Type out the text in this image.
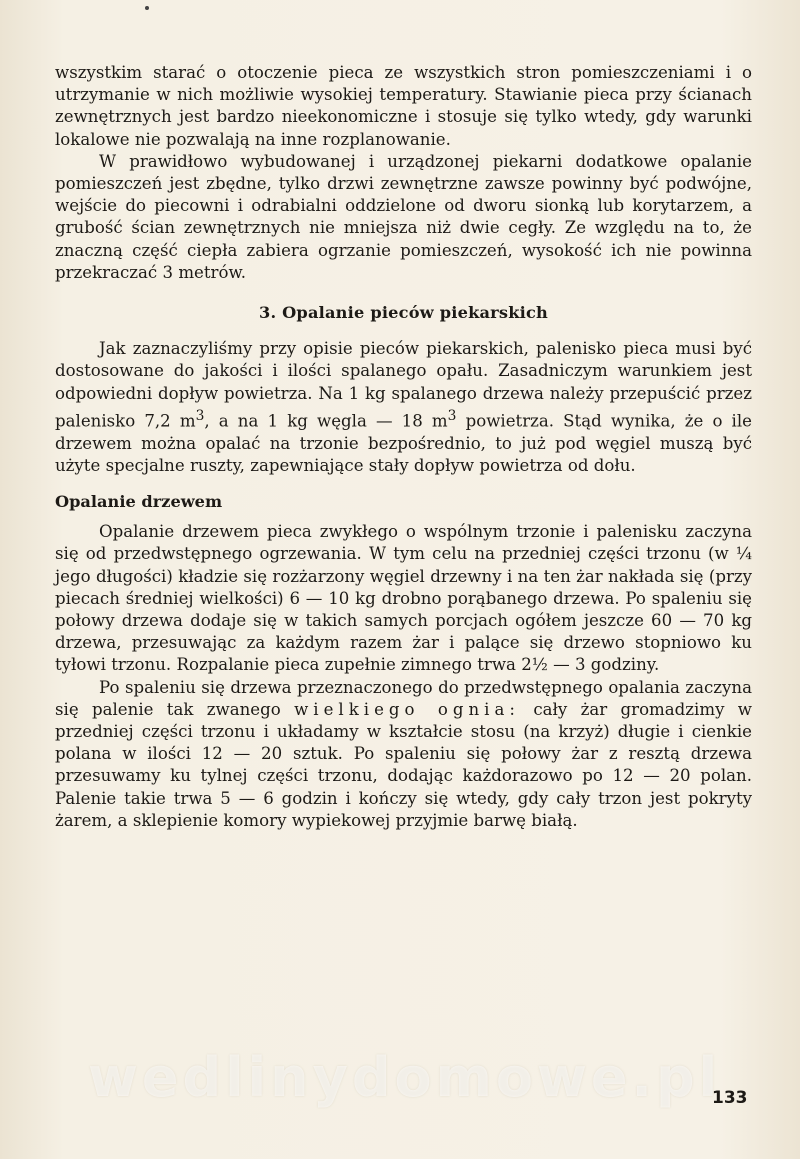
wszystkim starać o otoczenie pieca ze wszystkich stron pomieszczeniami i o utrzymanie w nich możliwie wysokiej temperatury. Stawianie pieca przy ścianach zewnętrznych jest bardzo nieekonomiczne i stosuje się tylko wtedy, gdy warunki lokalowe nie pozwalają na inne rozplanowanie.

W prawidłowo wybudowanej i urządzonej piekarni dodatkowe opalanie pomieszczeń jest zbędne, tylko drzwi zewnętrzne zawsze powinny być podwójne, wejście do piecowni i odrabialni oddzielone od dworu sionką lub korytarzem, a grubość ścian zewnętrznych nie mniejsza niż dwie cegły. Ze względu na to, że znaczną część ciepła zabiera ogrzanie pomieszczeń, wysokość ich nie powinna przekraczać 3 metrów.

3. Opalanie pieców piekarskich

Jak zaznaczyliśmy przy opisie pieców piekarskich, palenisko pieca musi być dostosowane do jakości i ilości spalanego opału. Zasadniczym warunkiem jest odpowiedni dopływ powietrza. Na 1 kg spalanego drzewa należy przepuścić przez palenisko 7,2 $m^3$, a na 1 kg węgla — 18 $m^3$ powietrza. Stąd wynika, że o ile drzewem można opalać na trzonie bezpośrednio, to już pod węgiel muszą być użyte specjalne ruszty, zapewniające stały dopływ powietrza od dołu.

Opalanie drzewem

Opalanie drzewem pieca zwykłego o wspólnym trzonie i palenisku zaczyna się od przedwstępnego ogrzewania. W tym celu na przedniej części trzonu (w ¼ jego długości) kładzie się rozżarzony węgiel drzewny i na ten żar nakłada się (przy piecach średniej wielkości) 6 — 10 kg drobno porąbanego drzewa. Po spaleniu się połowy drzewa dodaje się w takich samych porcjach ogółem jeszcze 60 — 70 kg drzewa, przesuwając za każdym razem żar i palące się drzewo stopniowo ku tyłowi trzonu. Rozpalanie pieca zupełnie zimnego trwa 2½ — 3 godziny.

Po spaleniu się drzewa przeznaczonego do przedwstępnego opalania zaczyna się palenie tak zwanego wielkiego ognia: cały żar gromadzimy w przedniej części trzonu i układamy w kształcie stosu (na krzyż) długie i cienkie polana w ilości 12 — 20 sztuk. Po spaleniu się połowy żar z resztą drzewa przesuwamy ku tylnej części trzonu, dodając każdorazowo po 12 — 20 polan. Palenie takie trwa 5 — 6 godzin i kończy się wtedy, gdy cały trzon jest pokryty żarem, a sklepienie komory wypiekowej przyjmie barwę białą.

wedlinydomowe.pl
133
